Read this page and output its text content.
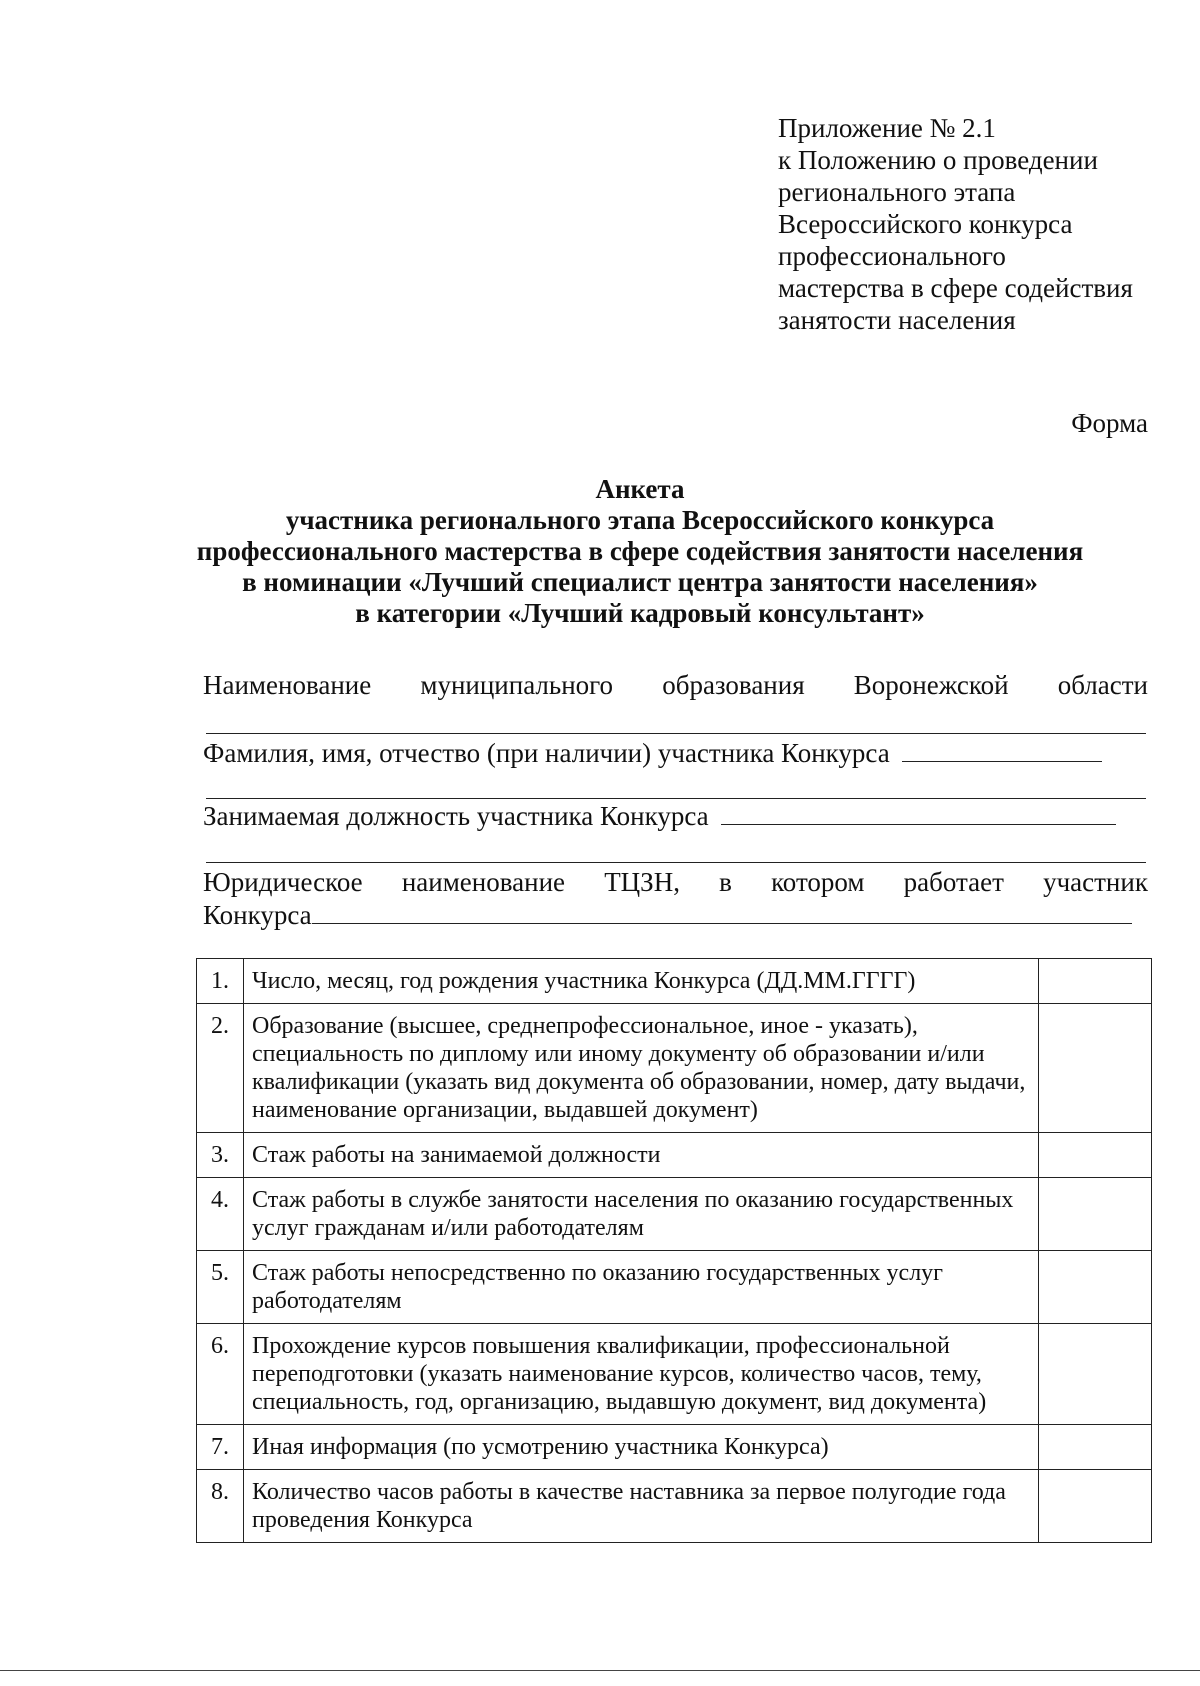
Приложение № 2.1
к Положению о проведении
регионального этапа
Всероссийского конкурса
профессионального
мастерства в сфере содействия
занятости населения
Форма
Анкета
участника регионального этапа Всероссийского конкурса
профессионального мастерства в сфере содействия занятости населения
в номинации «Лучший специалист центра занятости населения»
в категории «Лучший кадровый консультант»
Наименование муниципального образования Воронежской области
Фамилия, имя, отчество (при наличии) участника Конкурса
Занимаемая должность участника Конкурса
Юридическое наименование ТЦЗН, в котором работает участник
Конкурса
1.	Число, месяц, год рождения участника Конкурса (ДД.ММ.ГГГГ)	
2.	Образование (высшее, среднепрофессиональное, иное - указать), специальность по диплому или иному документу об образовании и/или квалификации (указать вид документа об образовании, номер, дату выдачи, наименование организации, выдавшей документ)	
3.	Стаж работы на занимаемой должности	
4.	Стаж работы в службе занятости населения по оказанию государственных услуг гражданам и/или работодателям	
5.	Стаж работы непосредственно по оказанию государственных услуг работодателям	
6.	Прохождение курсов повышения квалификации, профессиональной переподготовки (указать наименование курсов, количество часов, тему, специальность, год, организацию, выдавшую документ, вид документа)	
7.	Иная информация (по усмотрению участника Конкурса)	
8.	Количество часов работы в качестве наставника за первое полугодие года проведения Конкурса	
